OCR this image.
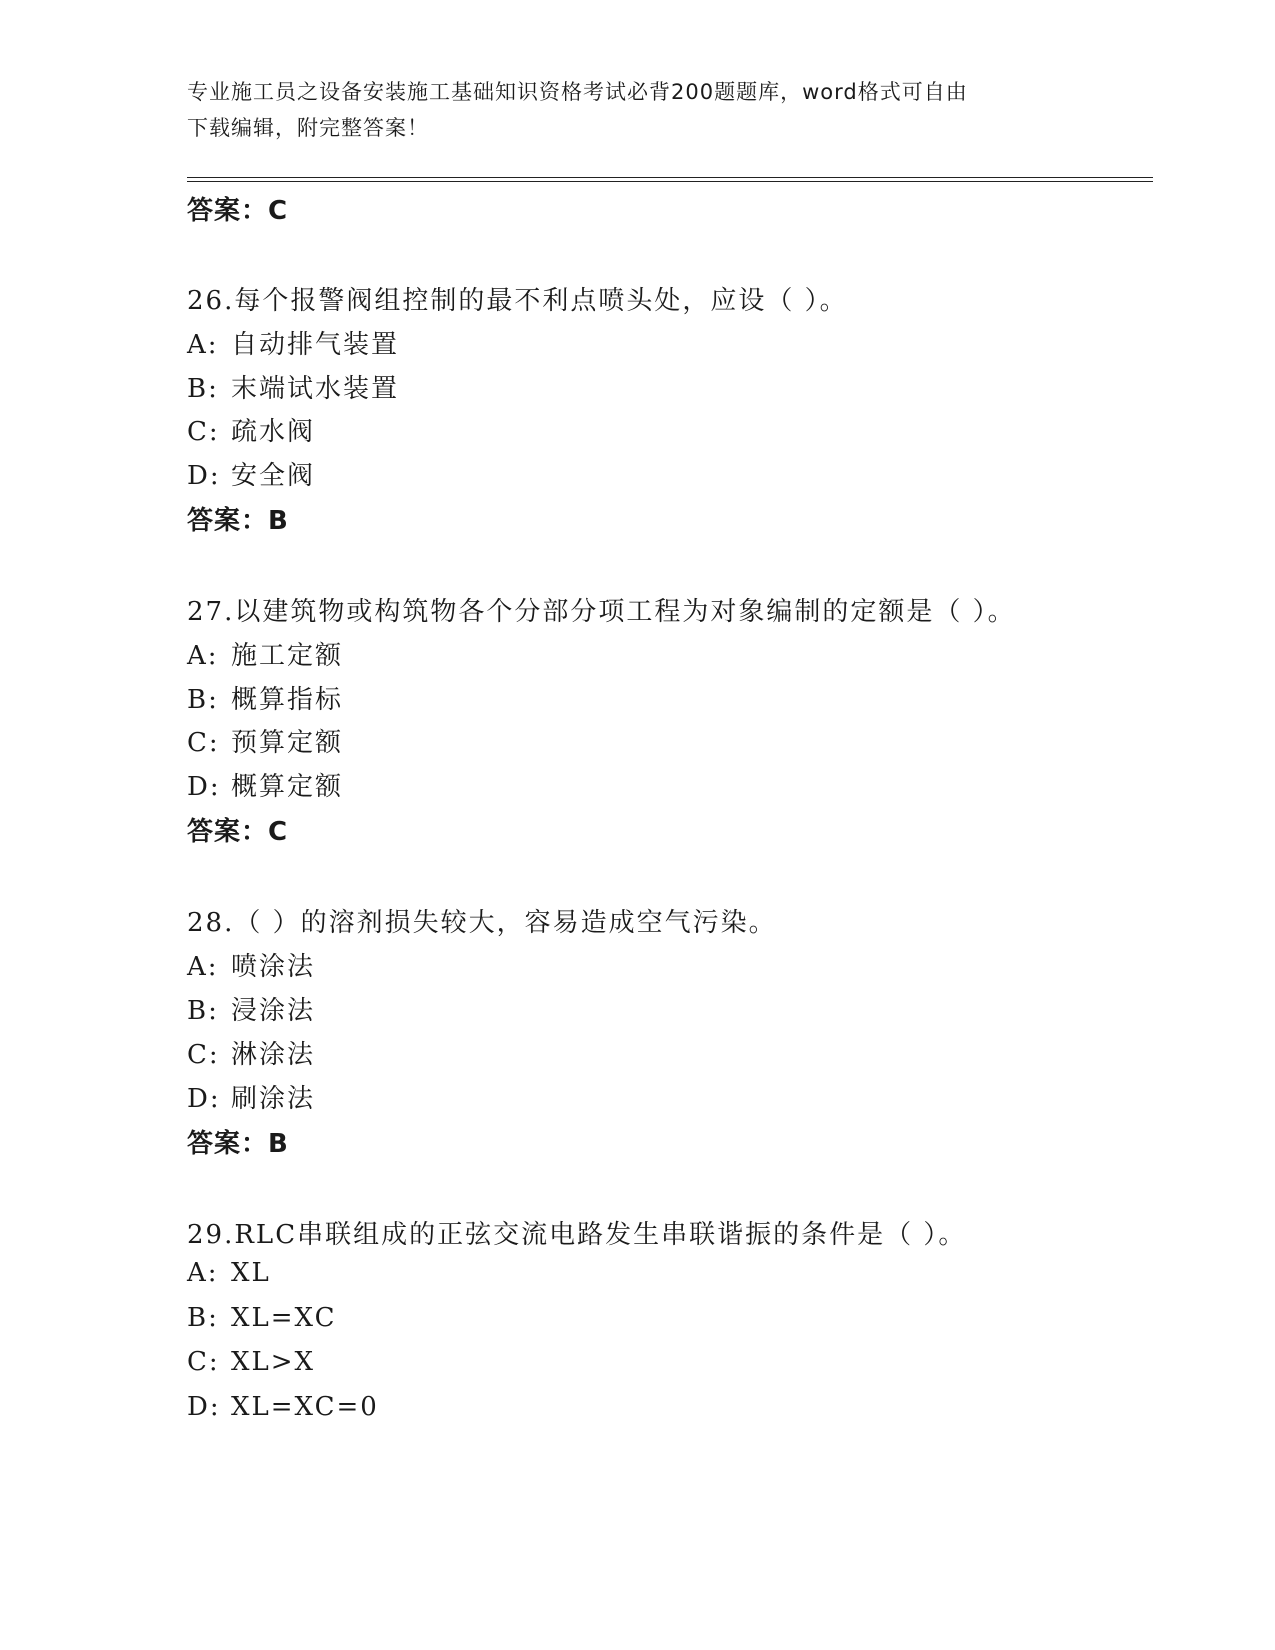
专业施工员之设备安装施工基础知识资格考试必背200题题库，word格式可自由
下载编辑，附完整答案！
答案：C
26.每个报警阀组控制的最不利点喷头处，应设（ ）。
A: 自动排气装置
B: 末端试水装置
C: 疏水阀
D: 安全阀
答案：B
27.以建筑物或构筑物各个分部分项工程为对象编制的定额是（ ）。
A: 施工定额
B: 概算指标
C: 预算定额
D: 概算定额
答案：C
28.（ ）的溶剂损失较大，容易造成空气污染。
A: 喷涂法
B: 浸涂法
C: 淋涂法
D: 刷涂法
答案：B
29.RLC串联组成的正弦交流电路发生串联谐振的条件是（ ）。
A: XL
B: XL=XC
C: XL>X
D: XL=XC=0
